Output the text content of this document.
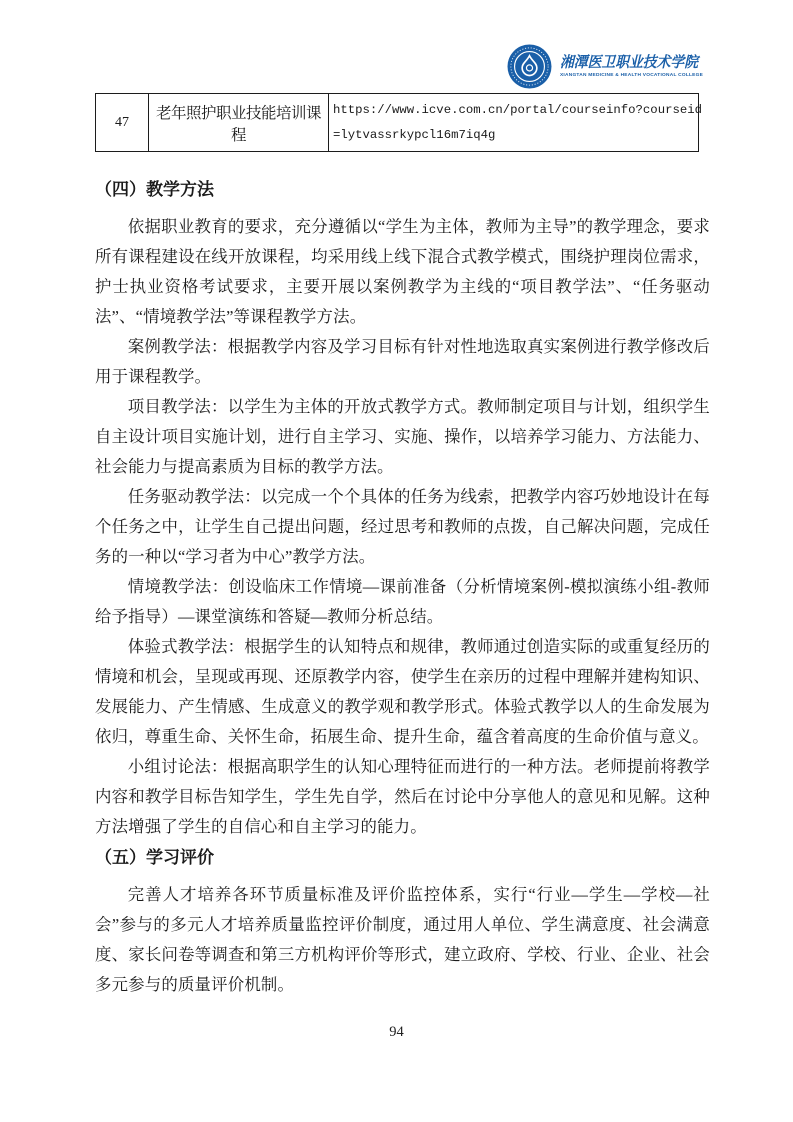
湘潭医卫职业技术学院
XIANGTAN MEDICINE & HEALTH VOCATIONAL COLLEGE
47	老年照护职业技能培训课程	
https://www.icve.com.cn/portal/courseinfo?courseid
=lytvassrkypcl16m7iq4g
（四）教学方法

依据职业教育的要求，充分遵循以“学生为主体，教师为主导”的教学理念，要求所有课程建设在线开放课程，均采用线上线下混合式教学模式，围绕护理岗位需求，护士执业资格考试要求，主要开展以案例教学为主线的“项目教学法”、“任务驱动法”、“情境教学法”等课程教学方法。

案例教学法：根据教学内容及学习目标有针对性地选取真实案例进行教学修改后用于课程教学。

项目教学法：以学生为主体的开放式教学方式。教师制定项目与计划，组织学生自主设计项目实施计划，进行自主学习、实施、操作，以培养学习能力、方法能力、社会能力与提高素质为目标的教学方法。

任务驱动教学法：以完成一个个具体的任务为线索，把教学内容巧妙地设计在每个任务之中，让学生自己提出问题，经过思考和教师的点拨，自己解决问题，完成任务的一种以“学习者为中心”教学方法。

情境教学法：创设临床工作情境—课前准备（分析情境案例-模拟演练小组-教师给予指导）—课堂演练和答疑—教师分析总结。

体验式教学法：根据学生的认知特点和规律，教师通过创造实际的或重复经历的情境和机会，呈现或再现、还原教学内容，使学生在亲历的过程中理解并建构知识、发展能力、产生情感、生成意义的教学观和教学形式。体验式教学以人的生命发展为依归，尊重生命、关怀生命，拓展生命、提升生命，蕴含着高度的生命价值与意义。

小组讨论法：根据高职学生的认知心理特征而进行的一种方法。老师提前将教学内容和教学目标告知学生，学生先自学，然后在讨论中分享他人的意见和见解。这种方法增强了学生的自信心和自主学习的能力。

（五）学习评价

完善人才培养各环节质量标准及评价监控体系，实行“行业—学生—学校—社会”参与的多元人才培养质量监控评价制度，通过用人单位、学生满意度、社会满意度、家长问卷等调查和第三方机构评价等形式，建立政府、学校、行业、企业、社会多元参与的质量评价机制。

94
